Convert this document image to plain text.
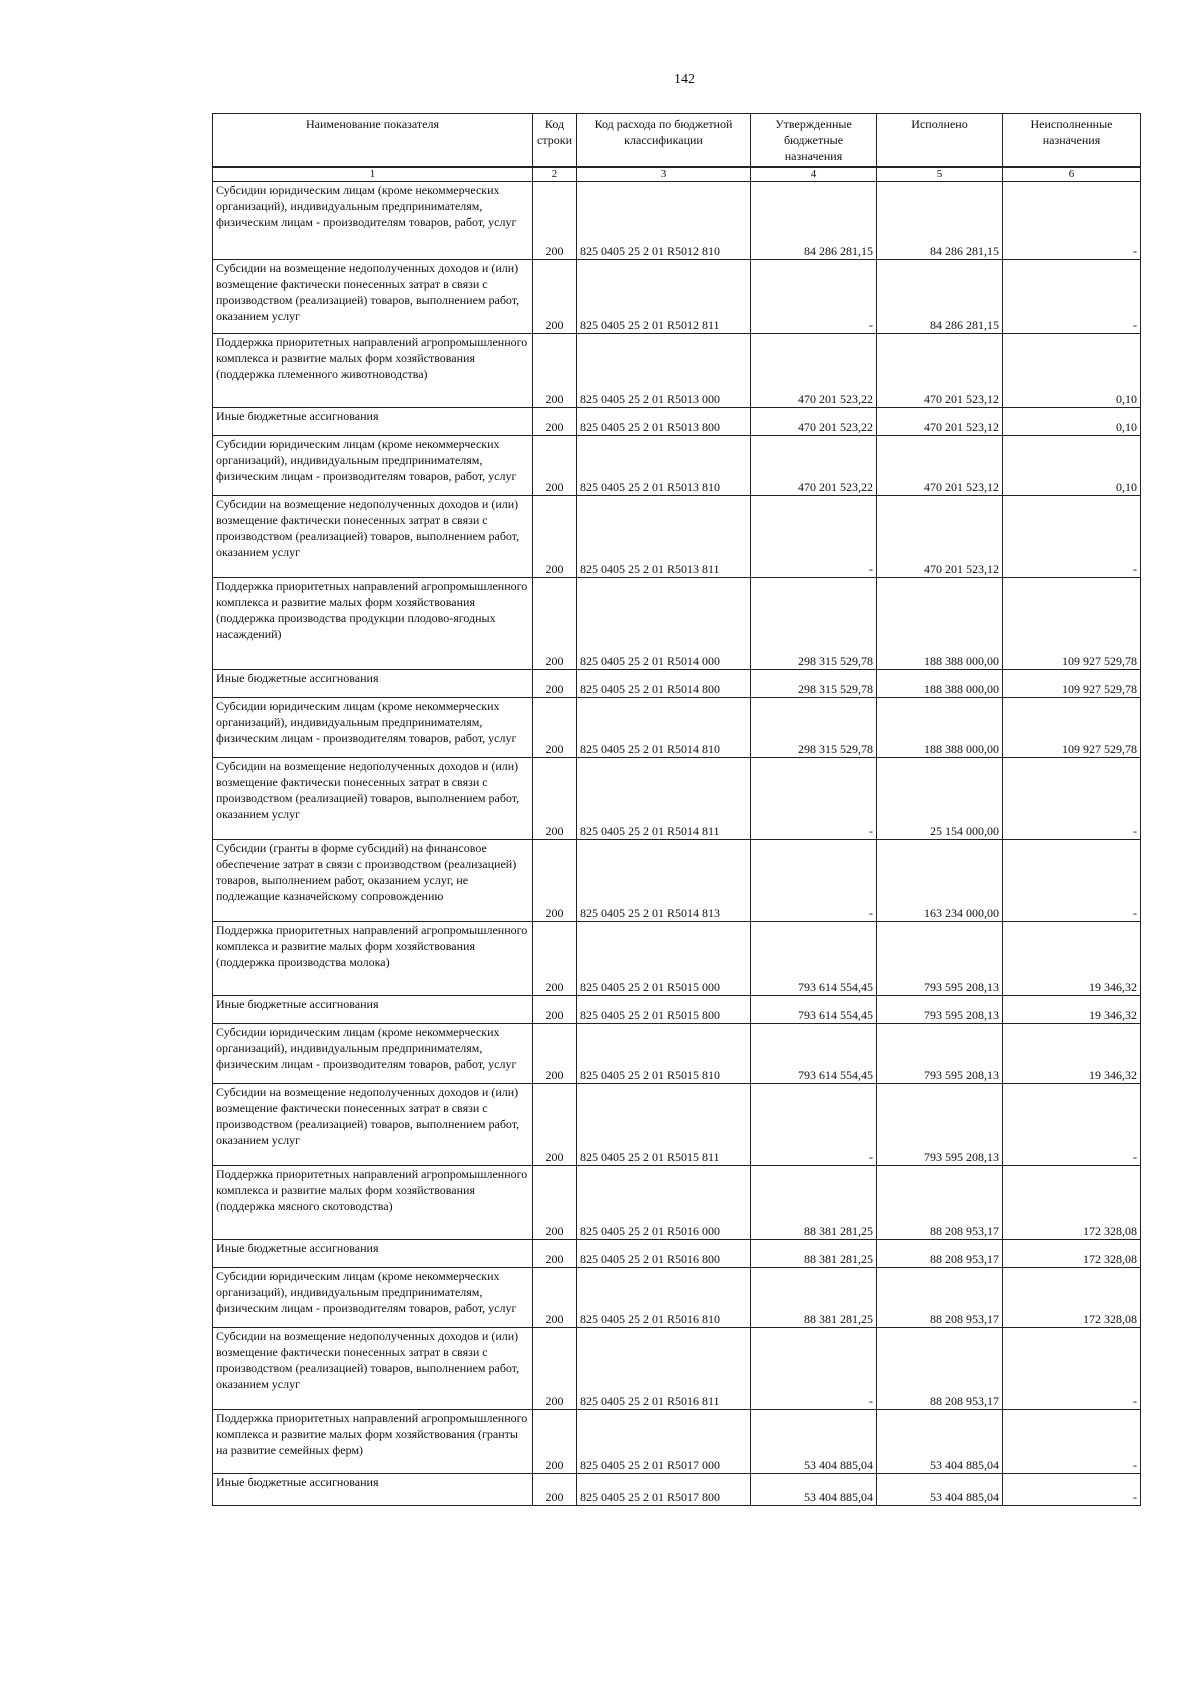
142
Наименование показателя	Код строки	Код расхода по бюджетной классификации	Утвержденные бюджетные назначения	Исполнено	Неисполненные назначения
1	2	3	4	5	6
Субсидии юридическим лицам (кроме некоммерческих организаций), индивидуальным предпринимателям, физическим лицам - производителям товаров, работ, услуг	200	825 0405 25 2 01 R5012 810	84 286 281,15	84 286 281,15	-
Субсидии на возмещение недополученных доходов и (или) возмещение фактически понесенных затрат в связи с производством (реализацией) товаров, выполнением работ, оказанием услуг	200	825 0405 25 2 01 R5012 811	-	84 286 281,15	-
Поддержка приоритетных направлений агропромышленного комплекса и развитие малых форм хозяйствования (поддержка племенного животноводства)	200	825 0405 25 2 01 R5013 000	470 201 523,22	470 201 523,12	0,10
Иные бюджетные ассигнования	200	825 0405 25 2 01 R5013 800	470 201 523,22	470 201 523,12	0,10
Субсидии юридическим лицам (кроме некоммерческих организаций), индивидуальным предпринимателям, физическим лицам - производителям товаров, работ, услуг	200	825 0405 25 2 01 R5013 810	470 201 523,22	470 201 523,12	0,10
Субсидии на возмещение недополученных доходов и (или) возмещение фактически понесенных затрат в связи с производством (реализацией) товаров, выполнением работ, оказанием услуг	200	825 0405 25 2 01 R5013 811	-	470 201 523,12	-
Поддержка приоритетных направлений агропромышленного комплекса и развитие малых форм хозяйствования (поддержка производства продукции плодово-ягодных насаждений)	200	825 0405 25 2 01 R5014 000	298 315 529,78	188 388 000,00	109 927 529,78
Иные бюджетные ассигнования	200	825 0405 25 2 01 R5014 800	298 315 529,78	188 388 000,00	109 927 529,78
Субсидии юридическим лицам (кроме некоммерческих организаций), индивидуальным предпринимателям, физическим лицам - производителям товаров, работ, услуг	200	825 0405 25 2 01 R5014 810	298 315 529,78	188 388 000,00	109 927 529,78
Субсидии на возмещение недополученных доходов и (или) возмещение фактически понесенных затрат в связи с производством (реализацией) товаров, выполнением работ, оказанием услуг	200	825 0405 25 2 01 R5014 811	-	25 154 000,00	-
Субсидии (гранты в форме субсидий) на финансовое обеспечение затрат в связи с производством (реализацией) товаров, выполнением работ, оказанием услуг, не подлежащие казначейскому сопровождению	200	825 0405 25 2 01 R5014 813	-	163 234 000,00	-
Поддержка приоритетных направлений агропромышленного комплекса и развитие малых форм хозяйствования (поддержка производства молока)	200	825 0405 25 2 01 R5015 000	793 614 554,45	793 595 208,13	19 346,32
Иные бюджетные ассигнования	200	825 0405 25 2 01 R5015 800	793 614 554,45	793 595 208,13	19 346,32
Субсидии юридическим лицам (кроме некоммерческих организаций), индивидуальным предпринимателям, физическим лицам - производителям товаров, работ, услуг	200	825 0405 25 2 01 R5015 810	793 614 554,45	793 595 208,13	19 346,32
Субсидии на возмещение недополученных доходов и (или) возмещение фактически понесенных затрат в связи с производством (реализацией) товаров, выполнением работ, оказанием услуг	200	825 0405 25 2 01 R5015 811	-	793 595 208,13	-
Поддержка приоритетных направлений агропромышленного комплекса и развитие малых форм хозяйствования (поддержка мясного скотоводства)	200	825 0405 25 2 01 R5016 000	88 381 281,25	88 208 953,17	172 328,08
Иные бюджетные ассигнования	200	825 0405 25 2 01 R5016 800	88 381 281,25	88 208 953,17	172 328,08
Субсидии юридическим лицам (кроме некоммерческих организаций), индивидуальным предпринимателям, физическим лицам - производителям товаров, работ, услуг	200	825 0405 25 2 01 R5016 810	88 381 281,25	88 208 953,17	172 328,08
Субсидии на возмещение недополученных доходов и (или) возмещение фактически понесенных затрат в связи с производством (реализацией) товаров, выполнением работ, оказанием услуг	200	825 0405 25 2 01 R5016 811	-	88 208 953,17	-
Поддержка приоритетных направлений агропромышленного комплекса и развитие малых форм хозяйствования (гранты на развитие семейных ферм)	200	825 0405 25 2 01 R5017 000	53 404 885,04	53 404 885,04	-
Иные бюджетные ассигнования	200	825 0405 25 2 01 R5017 800	53 404 885,04	53 404 885,04	-
